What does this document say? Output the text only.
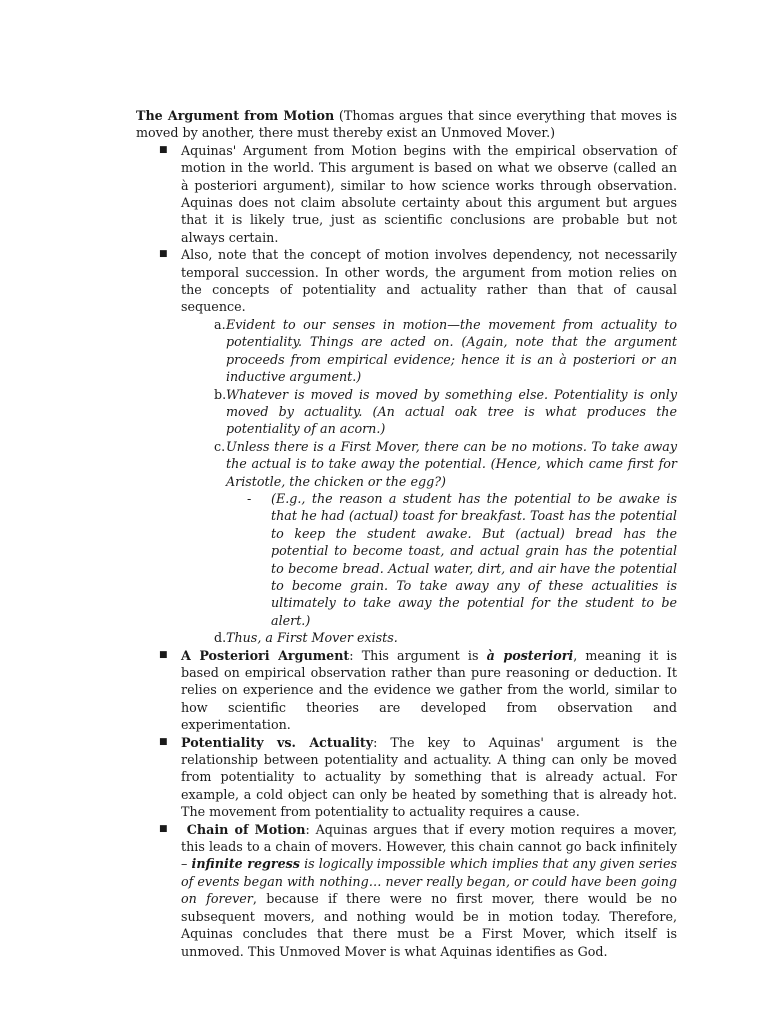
The Argument from Motion (Thomas argues that since everything that moves is moved by another, there must thereby exist an Unmoved Mover.)

■ Aquinas' Argument from Motion begins with the empirical observation of motion in the world. This argument is based on what we observe (called an à posteriori argument), similar to how science works through observation. Aquinas does not claim absolute certainty about this argument but argues that it is likely true, just as scientific conclusions are probable but not always certain.
■ Also, note that the concept of motion involves dependency, not necessarily temporal succession. In other words, the argument from motion relies on the concepts of potentiality and actuality rather than that of causal sequence.
a. Evident to our senses in motion—the movement from actuality to potentiality. Things are acted on. (Again, note that the argument proceeds from empirical evidence; hence it is an à posteriori or an inductive argument.)
b. Whatever is moved is moved by something else. Potentiality is only moved by actuality. (An actual oak tree is what produces the potentiality of an acorn.)
c. Unless there is a First Mover, there can be no motions. To take away the actual is to take away the potential. (Hence, which came first for Aristotle, the chicken or the egg?)
- (E.g., the reason a student has the potential to be awake is that he had (actual) toast for breakfast. Toast has the potential to keep the student awake. But (actual) bread has the potential to become toast, and actual grain has the potential to become bread. Actual water, dirt, and air have the potential to become grain. To take away any of these actualities is ultimately to take away the potential for the student to be alert.)
d. Thus, a First Mover exists.
■ A Posteriori Argument: This argument is à posteriori, meaning it is based on empirical observation rather than pure reasoning or deduction. It relies on experience and the evidence we gather from the world, similar to how scientific theories are developed from observation and experimentation.
■ Potentiality vs. Actuality: The key to Aquinas' argument is the relationship between potentiality and actuality. A thing can only be moved from potentiality to actuality by something that is already actual. For example, a cold object can only be heated by something that is already hot. The movement from potentiality to actuality requires a cause.
■ Chain of Motion: Aquinas argues that if every motion requires a mover, this leads to a chain of movers. However, this chain cannot go back infinitely – infinite regress is logically impossible which implies that any given series of events began with nothing… never really began, or could have been going on forever, because if there were no first mover, there would be no subsequent movers, and nothing would be in motion today. Therefore, Aquinas concludes that there must be a First Mover, which itself is unmoved. This Unmoved Mover is what Aquinas identifies as God.
